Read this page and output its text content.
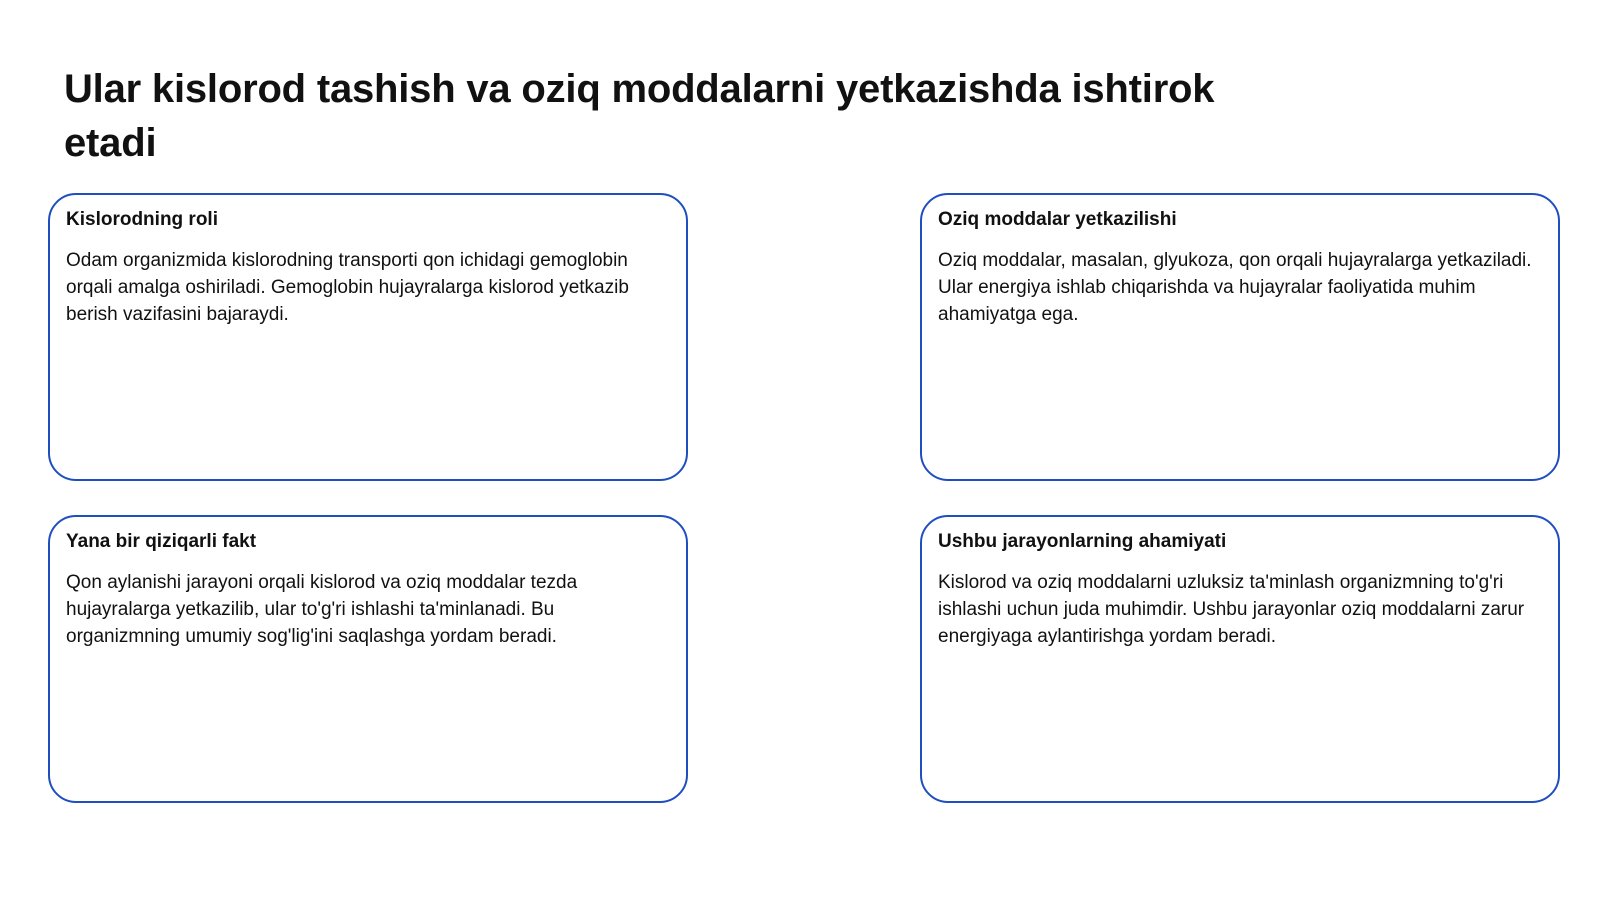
Ular kislorod tashish va oziq moddalarni yetkazishda ishtirok etadi
Kislorodning roli

Odam organizmida kislorodning transporti qon ichidagi gemoglobin orqali amalga oshiriladi. Gemoglobin hujayralarga kislorod yetkazib berish vazifasini bajaraydi.

Oziq moddalar yetkazilishi

Oziq moddalar, masalan, glyukoza, qon orqali hujayralarga yetkaziladi. Ular energiya ishlab chiqarishda va hujayralar faoliyatida muhim ahamiyatga ega.

Yana bir qiziqarli fakt

Qon aylanishi jarayoni orqali kislorod va oziq moddalar tezda hujayralarga yetkazilib, ular to'g'ri ishlashi ta'minlanadi. Bu organizmning umumiy sog'lig'ini saqlashga yordam beradi.

Ushbu jarayonlarning ahamiyati

Kislorod va oziq moddalarni uzluksiz ta'minlash organizmning to'g'ri ishlashi uchun juda muhimdir. Ushbu jarayonlar oziq moddalarni zarur energiyaga aylantirishga yordam beradi.
